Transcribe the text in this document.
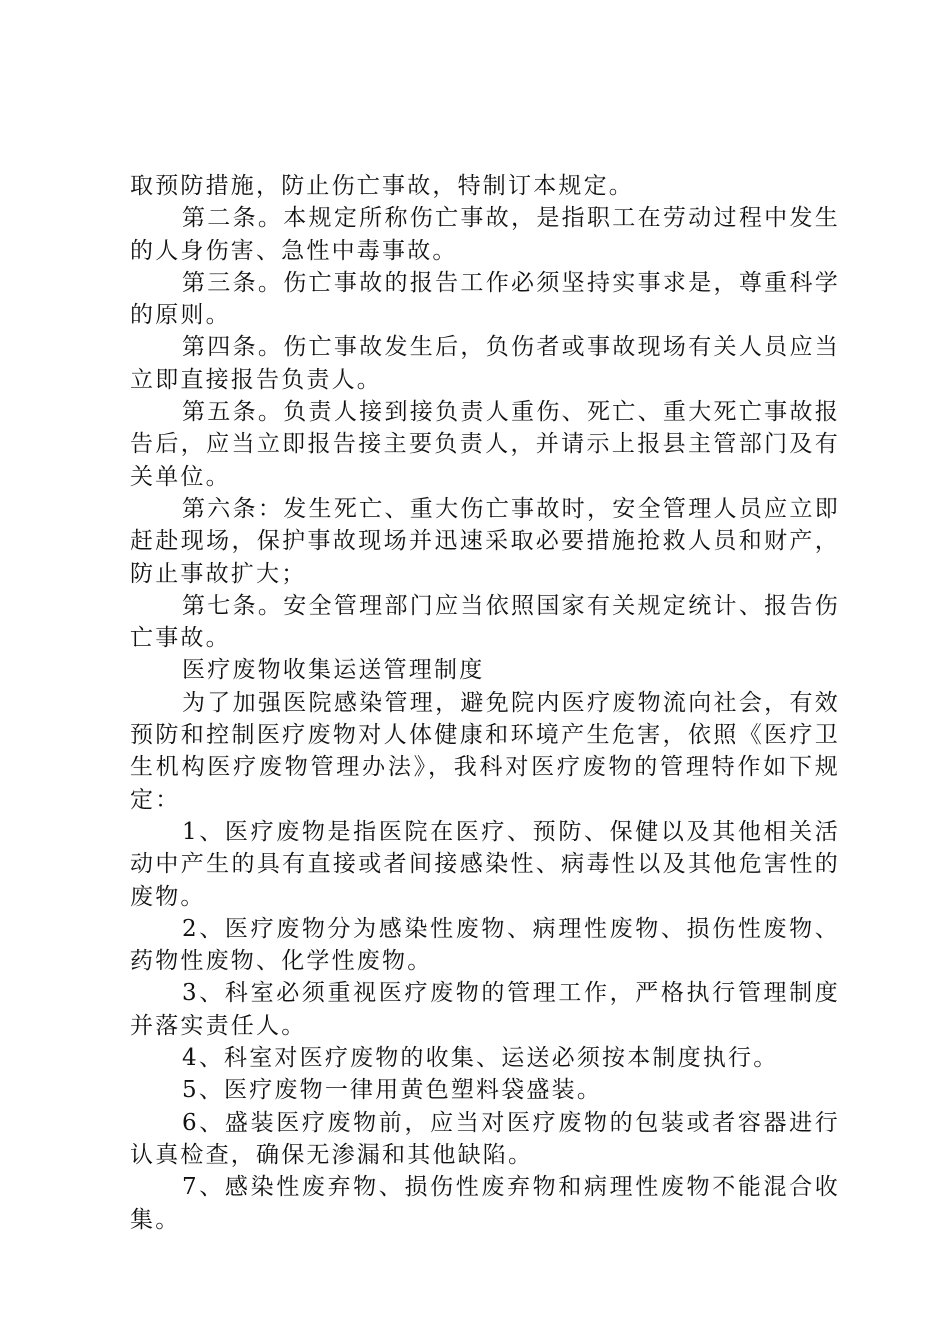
取预防措施，防止伤亡事故，特制订本规定。

第二条。本规定所称伤亡事故，是指职工在劳动过程中发生的人身伤害、急性中毒事故。

第三条。伤亡事故的报告工作必须坚持实事求是，尊重科学的原则。

第四条。伤亡事故发生后，负伤者或事故现场有关人员应当立即直接报告负责人。

第五条。负责人接到接负责人重伤、死亡、重大死亡事故报告后，应当立即报告接主要负责人，并请示上报县主管部门及有关单位。

第六条：发生死亡、重大伤亡事故时，安全管理人员应立即赶赴现场，保护事故现场并迅速采取必要措施抢救人员和财产，防止事故扩大；

第七条。安全管理部门应当依照国家有关规定统计、报告伤亡事故。

医疗废物收集运送管理制度

为了加强医院感染管理，避免院内医疗废物流向社会，有效预防和控制医疗废物对人体健康和环境产生危害，依照《医疗卫生机构医疗废物管理办法》，我科对医疗废物的管理特作如下规定：

1、医疗废物是指医院在医疗、预防、保健以及其他相关活动中产生的具有直接或者间接感染性、病毒性以及其他危害性的废物。

2、医疗废物分为感染性废物、病理性废物、损伤性废物、药物性废物、化学性废物。

3、科室必须重视医疗废物的管理工作，严格执行管理制度并落实责任人。

4、科室对医疗废物的收集、运送必须按本制度执行。

5、医疗废物一律用黄色塑料袋盛装。

6、盛装医疗废物前，应当对医疗废物的包装或者容器进行认真检查，确保无渗漏和其他缺陷。

7、感染性废弃物、损伤性废弃物和病理性废物不能混合收集。
